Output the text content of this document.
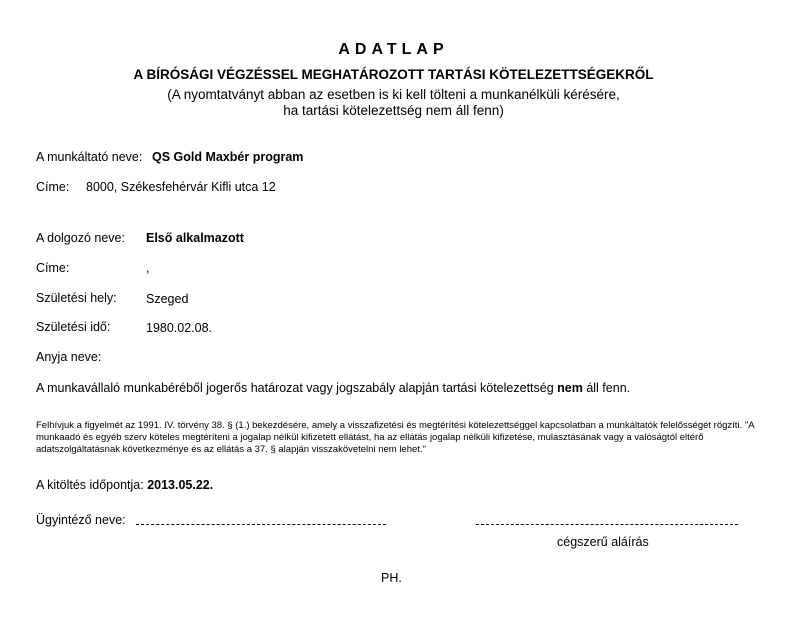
ADATLAP
A BÍRÓSÁGI VÉGZÉSSEL MEGHATÁROZOTT TARTÁSI KÖTELEZETTSÉGEKRŐL
(A nyomtatványt abban az esetben is ki kell tölteni a munkanélküli kérésére,
ha tartási kötelezettség nem áll fenn)
A munkáltató neve: QS Gold Maxbér program
Címe: 8000, Székesfehérvár Kifli utca 12
A dolgozó neve: Első alkalmazott
Címe:	,
Születési hely: Szeged
Születési idő:	1980.02.08.
Anyja neve:
A munkavállaló munkabéréből jogerős határozat vagy jogszabály alapján tartási kötelezettség nem áll fenn.
Felhívjuk a figyelmét az 1991. IV. törvény 38. § (1.) bekezdésére, amely a visszafizetési és megtérítési kötelezettséggel kapcsolatban a munkáltatók felelősségét rögzíti. "A munkaadó és egyéb szerv köteles megtéríteni a jogalap nélkül kifizetett ellátást, ha az ellátás jogalap nélküli kifizetése, mulasztásának vagy a valóságtól eltérő adatszolgáltatásnak következménye és az ellátás a 37. § alapján visszakövetelni nem lehet."
A kitöltés időpontja: 2013.05.22.
Ügyintéző neve:
cégszerű aláírás
PH.
